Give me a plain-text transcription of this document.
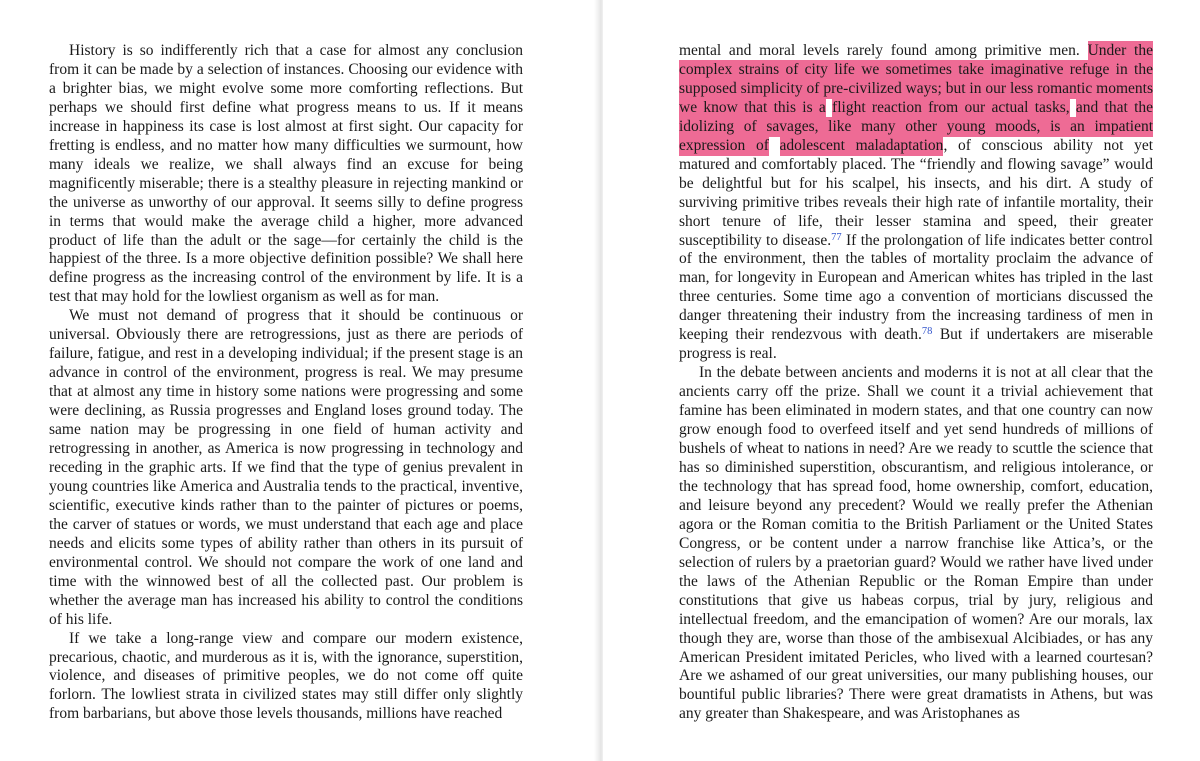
History is so indifferently rich that a case for almost any conclusion from it can be made by a selection of instances. Choosing our evidence with a brighter bias, we might evolve some more comforting reflections. But perhaps we should first define what progress means to us. If it means increase in happiness its case is lost almost at first sight. Our capacity for fretting is endless, and no matter how many difficulties we surmount, how many ideals we realize, we shall always find an excuse for being magnificently miserable; there is a stealthy pleasure in rejecting mankind or the universe as unworthy of our approval. It seems silly to define progress in terms that would make the average child a higher, more advanced product of life than the adult or the sage—for certainly the child is the happiest of the three. Is a more objective definition possible? We shall here define progress as the increasing control of the environment by life. It is a test that may hold for the lowliest organism as well as for man.

We must not demand of progress that it should be continuous or universal. Obviously there are retrogressions, just as there are periods of failure, fatigue, and rest in a developing individual; if the present stage is an advance in control of the environment, progress is real. We may presume that at almost any time in history some nations were progressing and some were declining, as Russia progresses and England loses ground today. The same nation may be progressing in one field of human activity and retrogressing in another, as America is now progressing in technology and receding in the graphic arts. If we find that the type of genius prevalent in young countries like America and Australia tends to the practical, inventive, scientific, executive kinds rather than to the painter of pictures or poems, the carver of statues or words, we must understand that each age and place needs and elicits some types of ability rather than others in its pursuit of environmental control. We should not compare the work of one land and time with the winnowed best of all the collected past. Our problem is whether the average man has increased his ability to control the conditions of his life.

If we take a long-range view and compare our modern existence, precarious, chaotic, and murderous as it is, with the ignorance, superstition, violence, and diseases of primitive peoples, we do not come off quite forlorn. The lowliest strata in civilized states may still differ only slightly from barbarians, but above those levels thousands, millions have reached

mental and moral levels rarely found among primitive men. Under the complex strains of city life we sometimes take imaginative refuge in the supposed simplicity of pre-civilized ways; but in our less romantic moments we know that this is a flight reaction from our actual tasks, and that the idolizing of savages, like many other young moods, is an impatient expression of adolescent maladaptation, of conscious ability not yet matured and comfortably placed. The “friendly and flowing savage” would be delightful but for his scalpel, his insects, and his dirt. A study of surviving primitive tribes reveals their high rate of infantile mortality, their short tenure of life, their lesser stamina and speed, their greater susceptibility to disease.$^{77}$ If the prolongation of life indicates better control of the environment, then the tables of mortality proclaim the advance of man, for longevity in European and American whites has tripled in the last three centuries. Some time ago a convention of morticians discussed the danger threatening their industry from the increasing tardiness of men in keeping their rendezvous with death.$^{78}$ But if undertakers are miserable progress is real.

In the debate between ancients and moderns it is not at all clear that the ancients carry off the prize. Shall we count it a trivial achievement that famine has been eliminated in modern states, and that one country can now grow enough food to overfeed itself and yet send hundreds of millions of bushels of wheat to nations in need? Are we ready to scuttle the science that has so diminished superstition, obscurantism, and religious intolerance, or the technology that has spread food, home ownership, comfort, education, and leisure beyond any precedent? Would we really prefer the Athenian agora or the Roman comitia to the British Parliament or the United States Congress, or be content under a narrow franchise like Attica’s, or the selection of rulers by a praetorian guard? Would we rather have lived under the laws of the Athenian Republic or the Roman Empire than under constitutions that give us habeas corpus, trial by jury, religious and intellectual freedom, and the emancipation of women? Are our morals, lax though they are, worse than those of the ambisexual Alcibiades, or has any American President imitated Pericles, who lived with a learned courtesan? Are we ashamed of our great universities, our many publishing houses, our bountiful public libraries? There were great dramatists in Athens, but was any greater than Shakespeare, and was Aristophanes as
